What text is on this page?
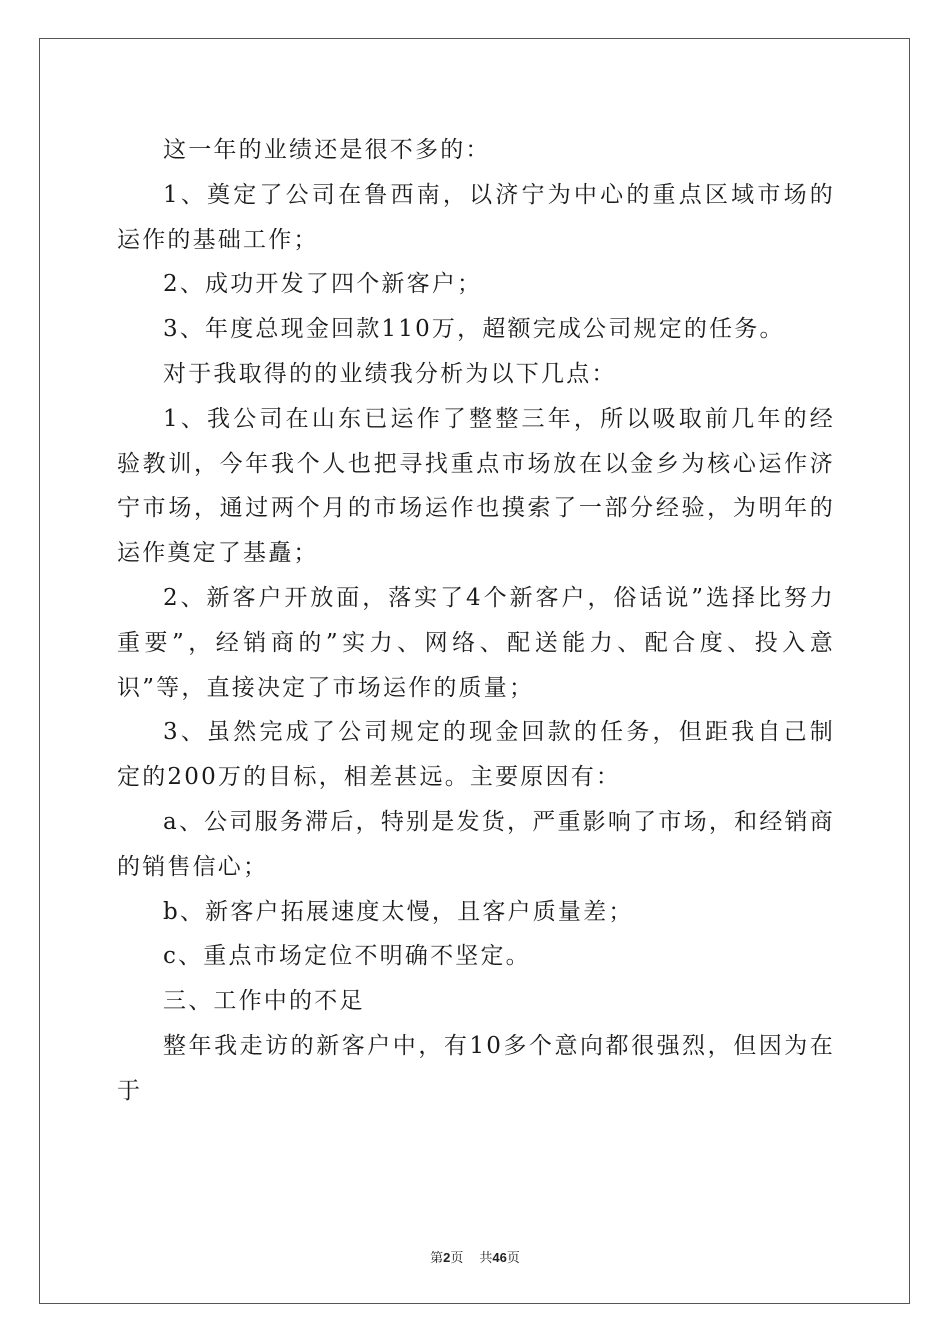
这一年的业绩还是很不多的：

1、奠定了公司在鲁西南，以济宁为中心的重点区域市场的运作的基础工作；

2、成功开发了四个新客户；

3、年度总现金回款110万，超额完成公司规定的任务。

对于我取得的的业绩我分析为以下几点：

1、我公司在山东已运作了整整三年，所以吸取前几年的经验教训，今年我个人也把寻找重点市场放在以金乡为核心运作济宁市场，通过两个月的市场运作也摸索了一部分经验，为明年的运作奠定了基矗；

2、新客户开放面，落实了4个新客户，俗话说”选择比努力重要”，经销商的”实力、网络、配送能力、配合度、投入意识”等，直接决定了市场运作的质量；

3、虽然完成了公司规定的现金回款的任务，但距我自己制定的200万的目标，相差甚远。主要原因有：

a、公司服务滞后，特别是发货，严重影响了市场，和经销商的销售信心；

b、新客户拓展速度太慢，且客户质量差；

c、重点市场定位不明确不坚定。

三、工作中的不足

整年我走访的新客户中，有10多个意向都很强烈，但因为在于

第2页 共46页
